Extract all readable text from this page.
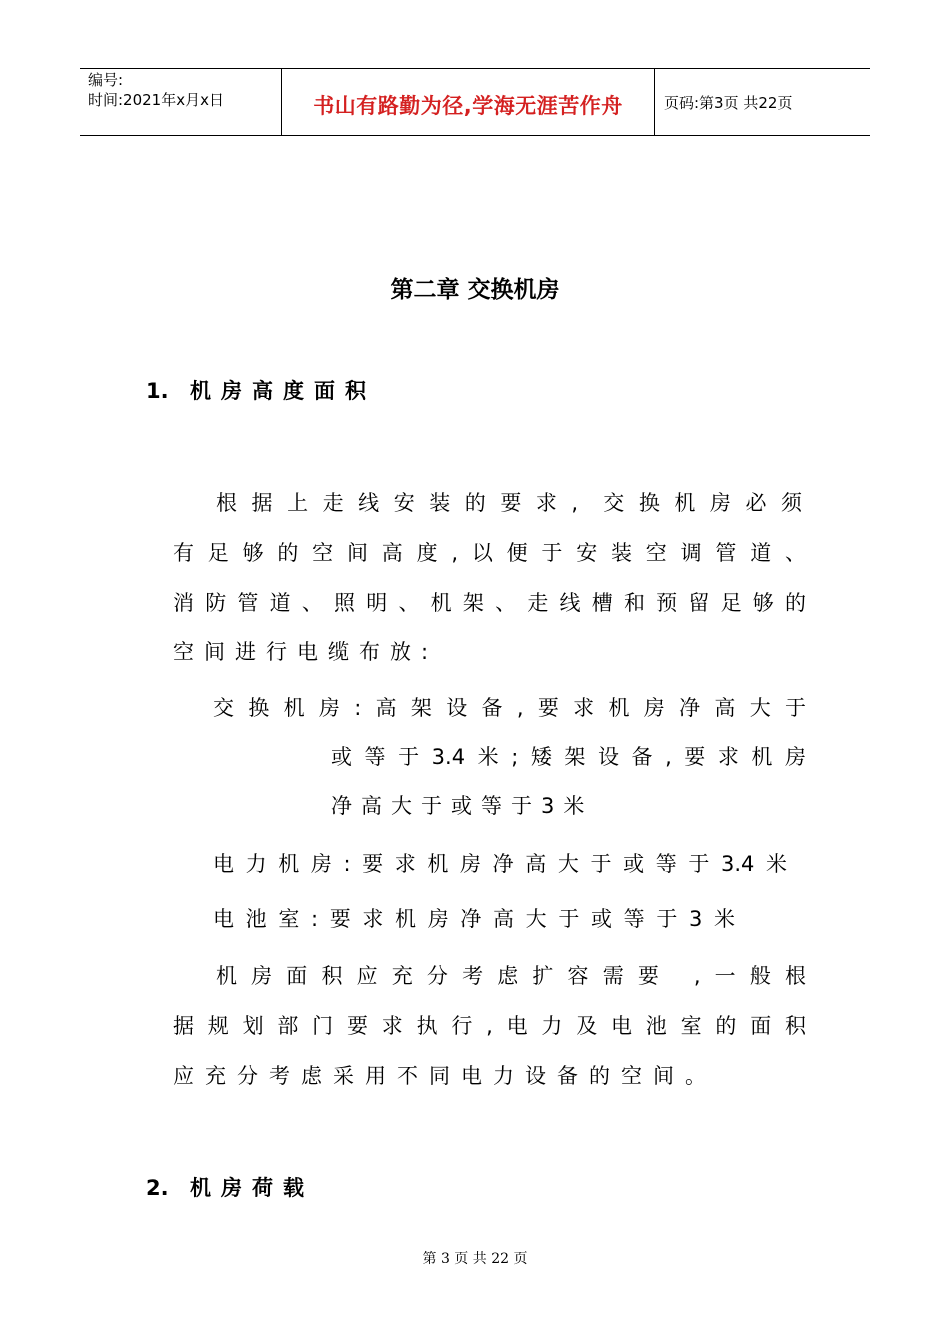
编号:
时间:2021年x月x日	书山有路勤为径,学海无涯苦作舟	页码:第3页 共22页
第二章 交换机房
1. 机房高度面积
根据上走线安装的要求, 交换机房必须
有足够的空间高度,以便于安装空调管道、
消防管道、照明、机架、走线槽和预留足够的
空间进行电缆布放:
交换机房:高架设备,要求机房净高大于
或等于3.4米;矮架设备,要求机房
净高大于或等于3米
电力机房:要求机房净高大于或等于3.4米
电池室:要求机房净高大于或等于3米
机房面积应充分考虑扩容需要 ,一般根
据规划部门要求执行,电力及电池室的面积
应充分考虑采用不同电力设备的空间。
2. 机房荷载
第 3 页 共 22 页
